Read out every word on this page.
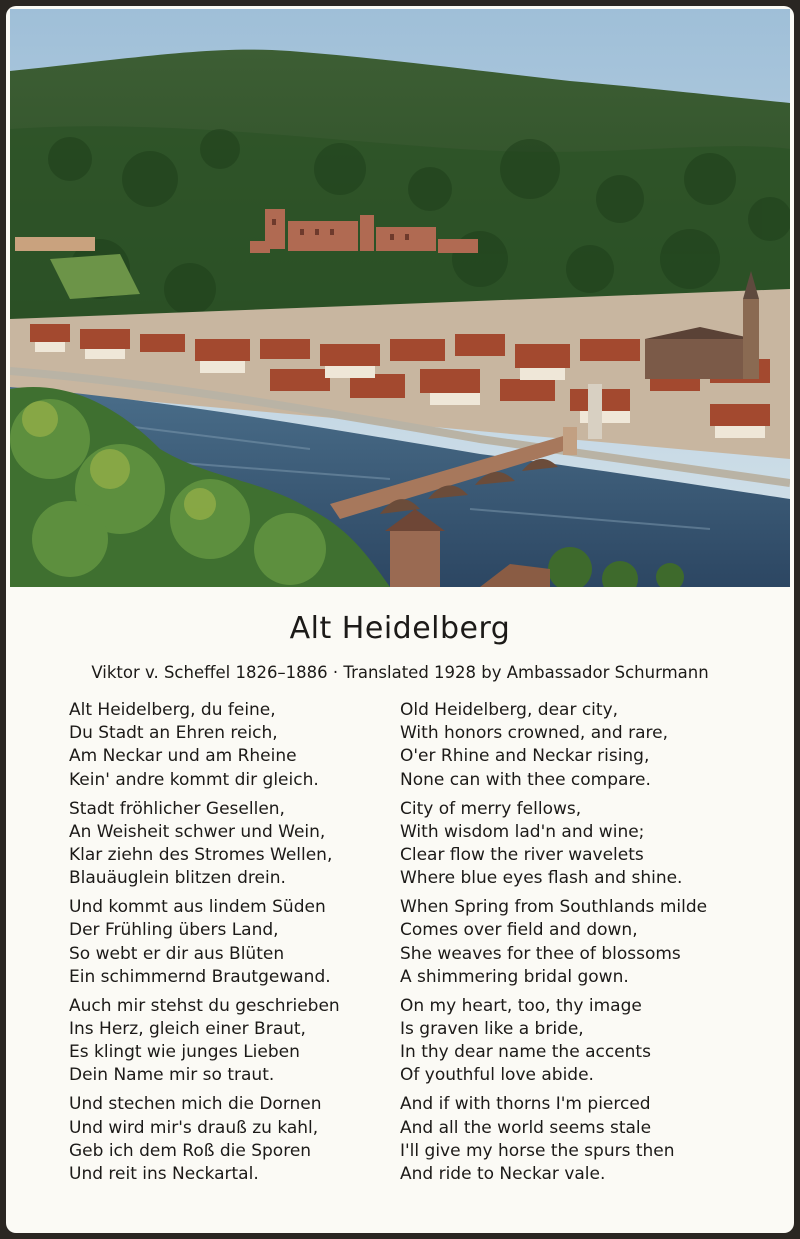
Alt Heidelberg
Viktor v. Scheffel 1826–1886 · Translated 1928 by Ambassador Schurmann
Alt Heidelberg, du feine,
Du Stadt an Ehren reich,
Am Neckar und am Rheine
Kein' andre kommt dir gleich.
Stadt fröhlicher Gesellen,
An Weisheit schwer und Wein,
Klar ziehn des Stromes Wellen,
Blauäuglein blitzen drein.
Und kommt aus lindem Süden
Der Frühling übers Land,
So webt er dir aus Blüten
Ein schimmernd Brautgewand.
Auch mir stehst du geschrieben
Ins Herz, gleich einer Braut,
Es klingt wie junges Lieben
Dein Name mir so traut.
Und stechen mich die Dornen
Und wird mir's drauß zu kahl,
Geb ich dem Roß die Sporen
Und reit ins Neckartal.
Old Heidelberg, dear city,
With honors crowned, and rare,
O'er Rhine and Neckar rising,
None can with thee compare.
City of merry fellows,
With wisdom lad'n and wine;
Clear flow the river wavelets
Where blue eyes flash and shine.
When Spring from Southlands milde
Comes over field and down,
She weaves for thee of blossoms
A shimmering bridal gown.
On my heart, too, thy image
Is graven like a bride,
In thy dear name the accents
Of youthful love abide.
And if with thorns I'm pierced
And all the world seems stale
I'll give my horse the spurs then
And ride to Neckar vale.
